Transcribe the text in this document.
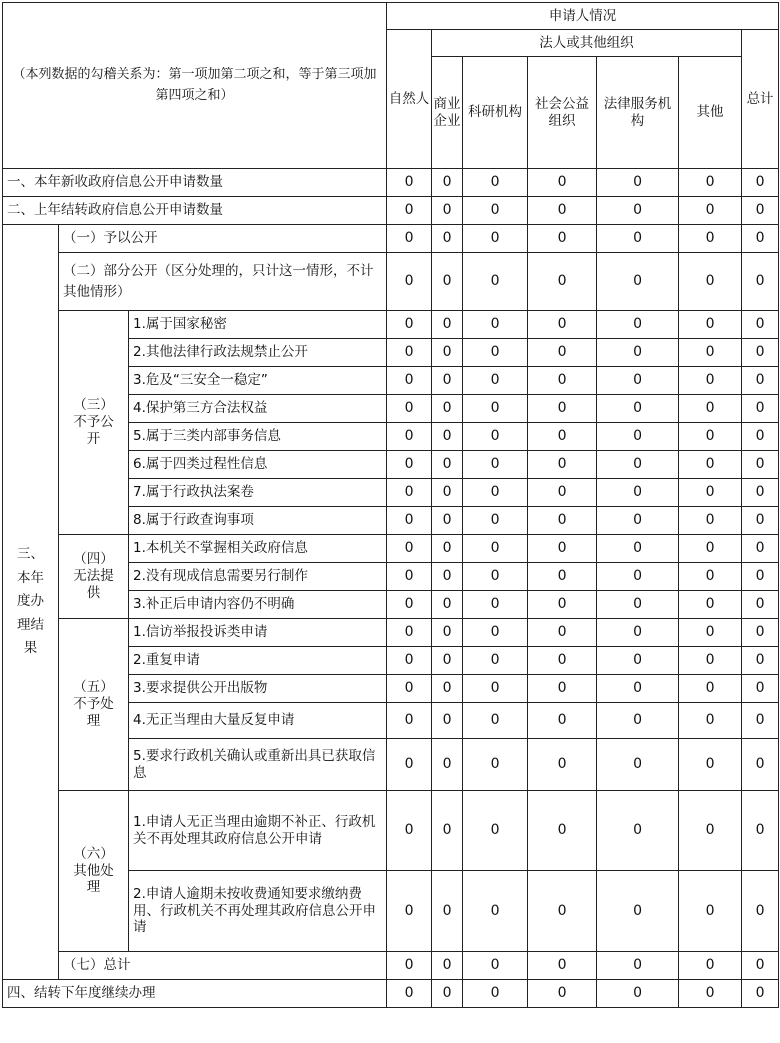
（本列数据的勾稽关系为：第一项加第二项之和，等于第三项加第四项之和）			申请人情况						
			自然人	法人或其他组织					总计
				商业企业	科研机构	社会公益组织	法律服务机构	其他	
一、本年新收政府信息公开申请数量			0	0	0	0	0	0	0
二、上年结转政府信息公开申请数量			0	0	0	0	0	0	0
三、本年度办理结果	（一）予以公开		0	0	0	0	0	0	0
	（二）部分公开（区分处理的，只计这一情形，不计其他情形）		0	0	0	0	0	0	0
	（三）不予公开	1.属于国家秘密	0	0	0	0	0	0	0
		2.其他法律行政法规禁止公开	0	0	0	0	0	0	0
		3.危及“三安全一稳定”	0	0	0	0	0	0	0
		4.保护第三方合法权益	0	0	0	0	0	0	0
		5.属于三类内部事务信息	0	0	0	0	0	0	0
		6.属于四类过程性信息	0	0	0	0	0	0	0
		7.属于行政执法案卷	0	0	0	0	0	0	0
		8.属于行政查询事项	0	0	0	0	0	0	0
	（四）无法提供	1.本机关不掌握相关政府信息	0	0	0	0	0	0	0
		2.没有现成信息需要另行制作	0	0	0	0	0	0	0
		3.补正后申请内容仍不明确	0	0	0	0	0	0	0
	（五）不予处理	1.信访举报投诉类申请	0	0	0	0	0	0	0
		2.重复申请	0	0	0	0	0	0	0
		3.要求提供公开出版物	0	0	0	0	0	0	0
		4.无正当理由大量反复申请	0	0	0	0	0	0	0
		5.要求行政机关确认或重新出具已获取信息	0	0	0	0	0	0	0
	（六）其他处理	1.申请人无正当理由逾期不补正、行政机关不再处理其政府信息公开申请	0	0	0	0	0	0	0
		2.申请人逾期未按收费通知要求缴纳费用、行政机关不再处理其政府信息公开申请	0	0	0	0	0	0	0
	（七）总计		0	0	0	0	0	0	0
四、结转下年度继续办理			0	0	0	0	0	0	0
